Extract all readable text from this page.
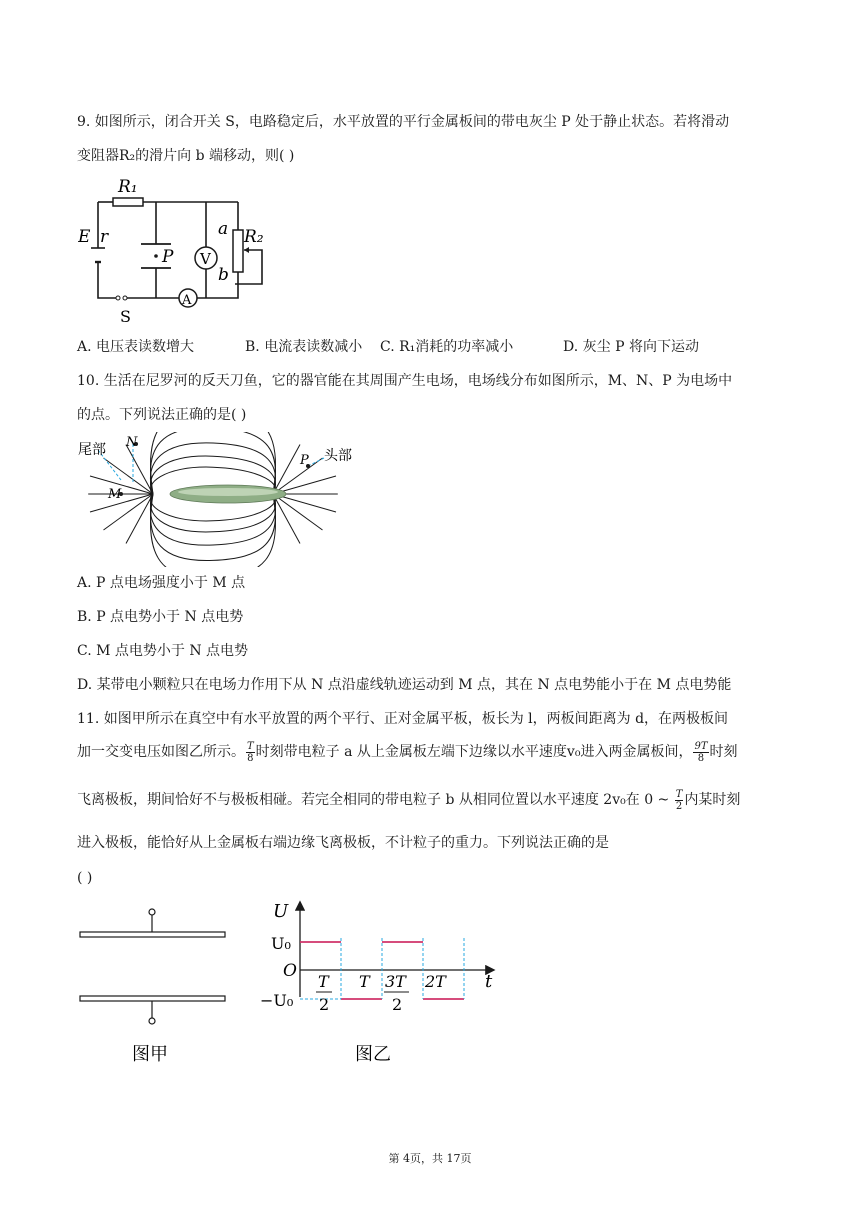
9. 如图所示，闭合开关 S，电路稳定后，水平放置的平行金属板间的带电灰尘 P 处于静止状态。若将滑动
变阻器R₂的滑片向 b 端移动，则( )
R₁
E r
P V
A
a
b
R₂
S
A. 电压表读数增大	B. 电流表读数减小 C. R₁消耗的功率减小	D. 灰尘 P 将向下运动
10. 生活在尼罗河的反天刀鱼，它的器官能在其周围产生电场，电场线分布如图所示，M、N、P 为电场中
的点。下列说法正确的是( )
尾部 N
M
P 头部
A. P 点电场强度小于 M 点
B. P 点电势小于 N 点电势
C. M 点电势小于 N 点电势
D. 某带电小颗粒只在电场力作用下从 N 点沿虚线轨迹运动到 M 点，其在 N 点电势能小于在 M 点电势能
11. 如图甲所示在真空中有水平放置的两个平行、正对金属平板，板长为 l，两板间距离为 d，在两极板间
加一交变电压如图乙所示。 $\frac{T}{8}$ 时刻带电粒子 a 从上金属板左端下边缘以水平速度v₀进入两金属板间， $\frac{9T}{8}$ 时刻
飞离极板，期间恰好不与极板相碰。若完全相同的带电粒子 b 从相同位置以水平速度 2v₀在 0 ~ $\frac{T}{2}$ 内某时刻
进入极板，能恰好从上金属板右端边缘飞离极板，不计粒子的重力。下列说法正确的是
( )
图甲
U
U₀
O
−U₀
t
T
2
T 3T
2
2T
图乙
第 4页，共 17页
